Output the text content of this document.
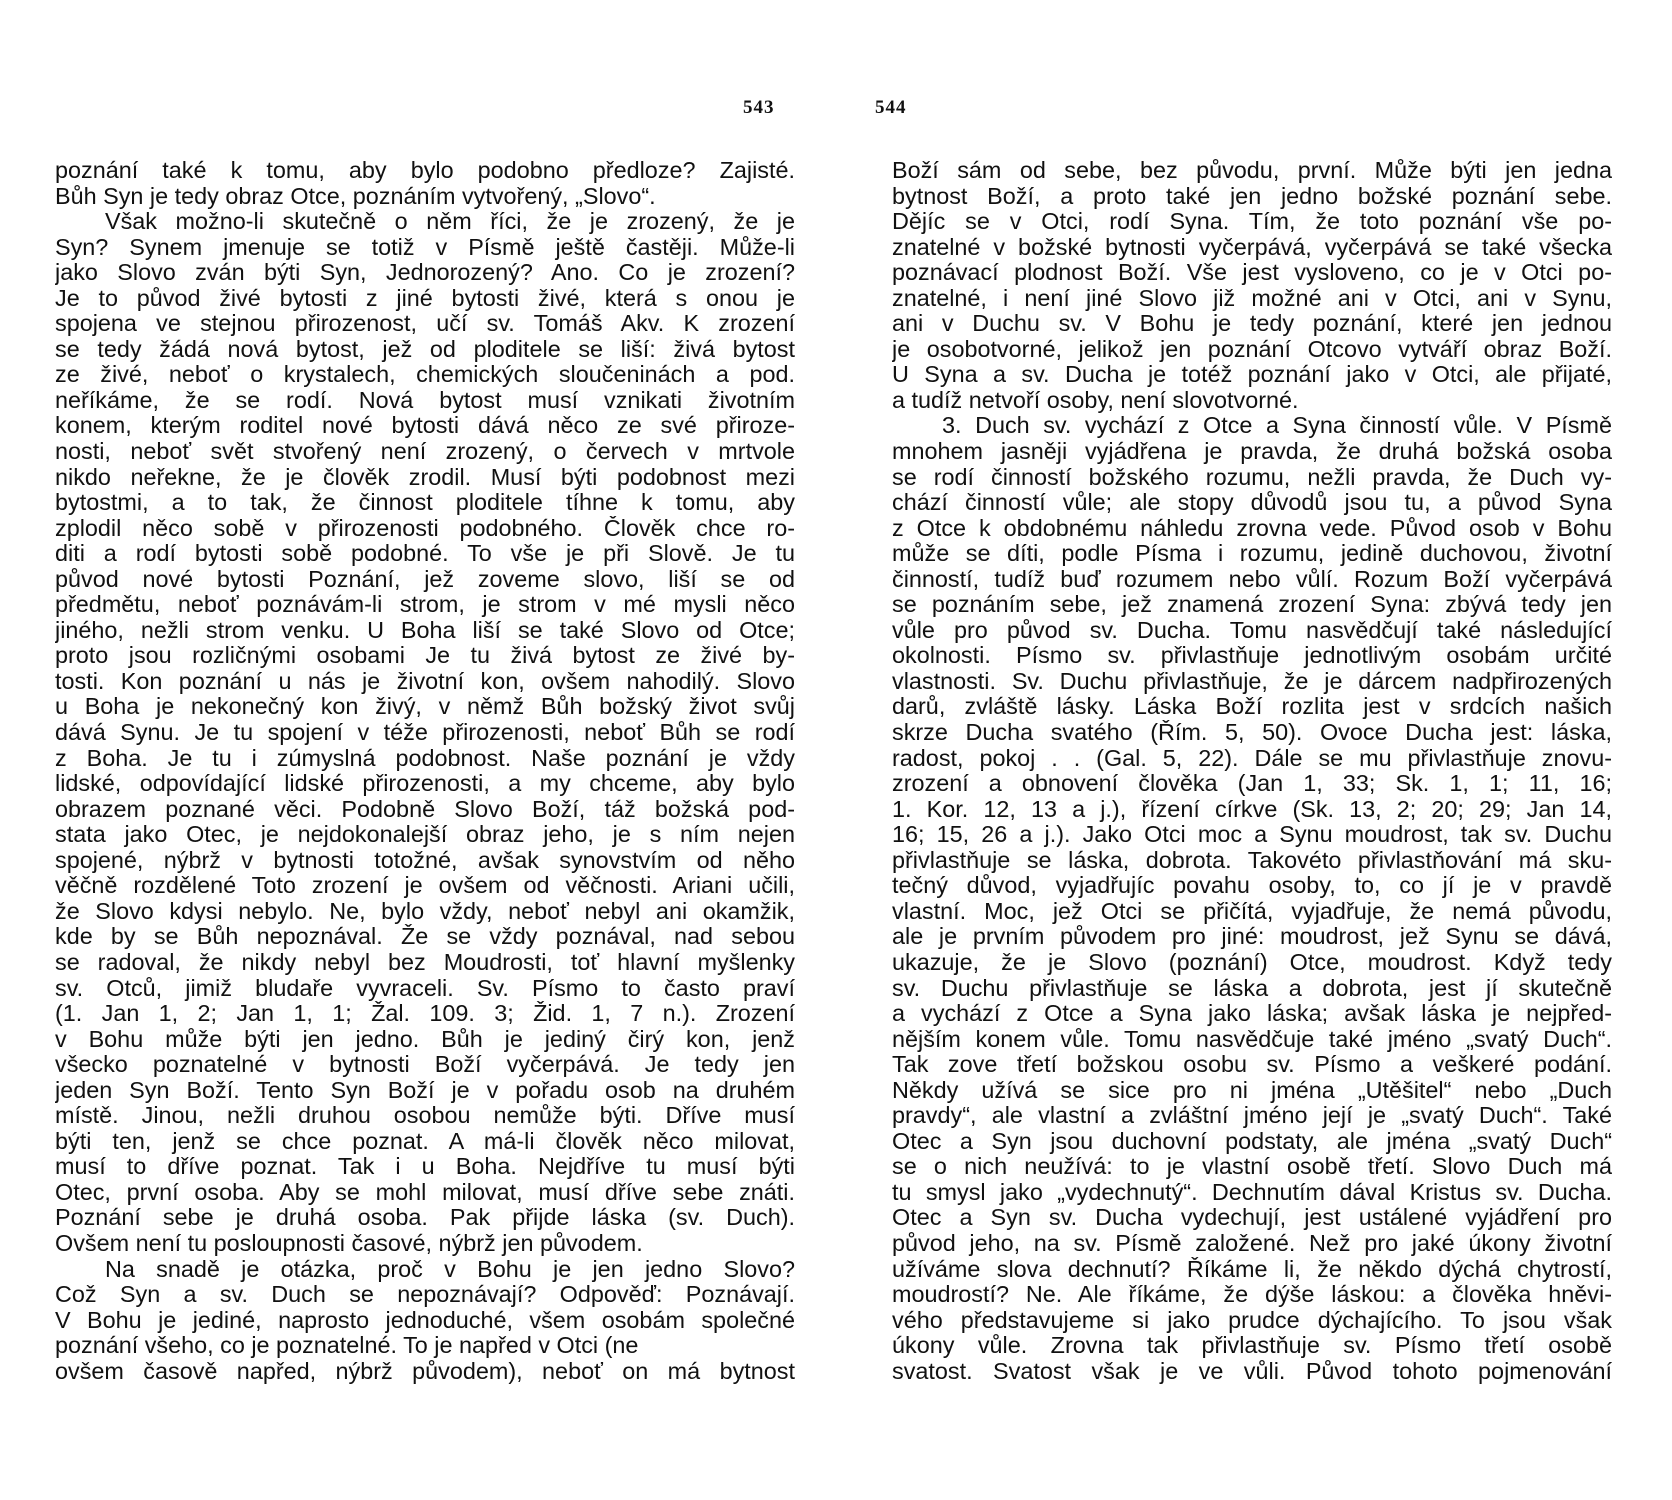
543
poznání také k tomu, aby bylo podobno předloze? Zajisté.
Bůh Syn je tedy obraz Otce, poznáním vytvořený, „Slovo“.
Však možno-li skutečně o něm říci, že je zrozený, že je
Syn? Synem jmenuje se totiž v Písmě ještě častěji. Může-li
jako Slovo zván býti Syn, Jednorozený? Ano. Co je zrození?
Je to původ živé bytosti z jiné bytosti živé, která s onou je
spojena ve stejnou přirozenost, učí sv. Tomáš Akv. K zrození
se tedy žádá nová bytost, jež od ploditele se liší: živá bytost
ze živé, neboť o krystalech, chemických sloučeninách a pod.
neříkáme, že se rodí. Nová bytost musí vznikati životním
konem, kterým roditel nové bytosti dává něco ze své přiroze-
nosti, neboť svět stvořený není zrozený, o červech v mrtvole
nikdo neřekne, že je člověk zrodil. Musí býti podobnost mezi
bytostmi, a to tak, že činnost ploditele tíhne k tomu, aby
zplodil něco sobě v přirozenosti podobného. Člověk chce ro-
diti a rodí bytosti sobě podobné. To vše je při Slově. Je tu
původ nové bytosti Poznání, jež zoveme slovo, liší se od
předmětu, neboť poznávám-li strom, je strom v mé mysli něco
jiného, nežli strom venku. U Boha liší se také Slovo od Otce;
proto jsou rozličnými osobami Je tu živá bytost ze živé by-
tosti. Kon poznání u nás je životní kon, ovšem nahodilý. Slovo
u Boha je nekonečný kon živý, v němž Bůh božský život svůj
dává Synu. Je tu spojení v téže přirozenosti, neboť Bůh se rodí
z Boha. Je tu i zúmyslná podobnost. Naše poznání je vždy
lidské, odpovídající lidské přirozenosti, a my chceme, aby bylo
obrazem poznané věci. Podobně Slovo Boží, táž božská pod-
stata jako Otec, je nejdokonalejší obraz jeho, je s ním nejen
spojené, nýbrž v bytnosti totožné, avšak synovstvím od něho
věčně rozdělené Toto zrození je ovšem od věčnosti. Ariani učili,
že Slovo kdysi nebylo. Ne, bylo vždy, neboť nebyl ani okamžik,
kde by se Bůh nepoznával. Že se vždy poznával, nad sebou
se radoval, že nikdy nebyl bez Moudrosti, toť hlavní myšlenky
sv. Otců, jimiž bludaře vyvraceli. Sv. Písmo to často praví
(1. Jan 1, 2; Jan 1, 1; Žal. 109. 3; Žid. 1, 7 n.). Zrození
v Bohu může býti jen jedno. Bůh je jediný čirý kon, jenž
všecko poznatelné v bytnosti Boží vyčerpává. Je tedy jen
jeden Syn Boží. Tento Syn Boží je v pořadu osob na druhém
místě. Jinou, nežli druhou osobou nemůže býti. Dříve musí
býti ten, jenž se chce poznat. A má-li člověk něco milovat,
musí to dříve poznat. Tak i u Boha. Nejdříve tu musí býti
Otec, první osoba. Aby se mohl milovat, musí dříve sebe znáti.
Poznání sebe je druhá osoba. Pak přijde láska (sv. Duch).
Ovšem není tu posloupnosti časové, nýbrž jen původem.
Na snadě je otázka, proč v Bohu je jen jedno Slovo?
Což Syn a sv. Duch se nepoznávají? Odpověď: Poznávají.
V Bohu je jediné, naprosto jednoduché, všem osobám společné
poznání všeho, co je poznatelné. To je napřed v Otci (ne
ovšem časově napřed, nýbrž původem), neboť on má bytnost
544
Boží sám od sebe, bez původu, první. Může býti jen jedna
bytnost Boží, a proto také jen jedno božské poznání sebe.
Dějíc se v Otci, rodí Syna. Tím, že toto poznání vše po-
znatelné v božské bytnosti vyčerpává, vyčerpává se také všecka
poznávací plodnost Boží. Vše jest vysloveno, co je v Otci po-
znatelné, i není jiné Slovo již možné ani v Otci, ani v Synu,
ani v Duchu sv. V Bohu je tedy poznání, které jen jednou
je osobotvorné, jelikož jen poznání Otcovo vytváří obraz Boží.
U Syna a sv. Ducha je totéž poznání jako v Otci, ale přijaté,
a tudíž netvoří osoby, není slovotvorné.
3. Duch sv. vychází z Otce a Syna činností vůle. V Písmě
mnohem jasněji vyjádřena je pravda, že druhá božská osoba
se rodí činností božského rozumu, nežli pravda, že Duch vy-
chází činností vůle; ale stopy důvodů jsou tu, a původ Syna
z Otce k obdobnému náhledu zrovna vede. Původ osob v Bohu
může se díti, podle Písma i rozumu, jedině duchovou, životní
činností, tudíž buď rozumem nebo vůlí. Rozum Boží vyčerpává
se poznáním sebe, jež znamená zrození Syna: zbývá tedy jen
vůle pro původ sv. Ducha. Tomu nasvědčují také následující
okolnosti. Písmo sv. přivlastňuje jednotlivým osobám určité
vlastnosti. Sv. Duchu přivlastňuje, že je dárcem nadpřirozených
darů, zvláště lásky. Láska Boží rozlita jest v srdcích našich
skrze Ducha svatého (Řím. 5, 50). Ovoce Ducha jest: láska,
radost, pokoj . . (Gal. 5, 22). Dále se mu přivlastňuje znovu-
zrození a obnovení člověka (Jan 1, 33; Sk. 1, 1; 11, 16;
1. Kor. 12, 13 a j.), řízení církve (Sk. 13, 2; 20; 29; Jan 14,
16; 15, 26 a j.). Jako Otci moc a Synu moudrost, tak sv. Duchu
přivlastňuje se láska, dobrota. Takovéto přivlastňování má sku-
tečný důvod, vyjadřujíc povahu osoby, to, co jí je v pravdě
vlastní. Moc, jež Otci se přičítá, vyjadřuje, že nemá původu,
ale je prvním původem pro jiné: moudrost, jež Synu se dává,
ukazuje, že je Slovo (poznání) Otce, moudrost. Když tedy
sv. Duchu přivlastňuje se láska a dobrota, jest jí skutečně
a vychází z Otce a Syna jako láska; avšak láska je nejpřed-
nějším konem vůle. Tomu nasvědčuje také jméno „svatý Duch“.
Tak zove třetí božskou osobu sv. Písmo a veškeré podání.
Někdy užívá se sice pro ni jména „Utěšitel“ nebo „Duch
pravdy“, ale vlastní a zvláštní jméno její je „svatý Duch“. Také
Otec a Syn jsou duchovní podstaty, ale jména „svatý Duch“
se o nich neužívá: to je vlastní osobě třetí. Slovo Duch má
tu smysl jako „vydechnutý“. Dechnutím dával Kristus sv. Ducha.
Otec a Syn sv. Ducha vydechují, jest ustálené vyjádření pro
původ jeho, na sv. Písmě založené. Než pro jaké úkony životní
užíváme slova dechnutí? Říkáme li, že někdo dýchá chytrostí,
moudrostí? Ne. Ale říkáme, že dýše láskou: a člověka hněvi-
vého představujeme si jako prudce dýchajícího. To jsou však
úkony vůle. Zrovna tak přivlastňuje sv. Písmo třetí osobě
svatost. Svatost však je ve vůli. Původ tohoto pojmenování
